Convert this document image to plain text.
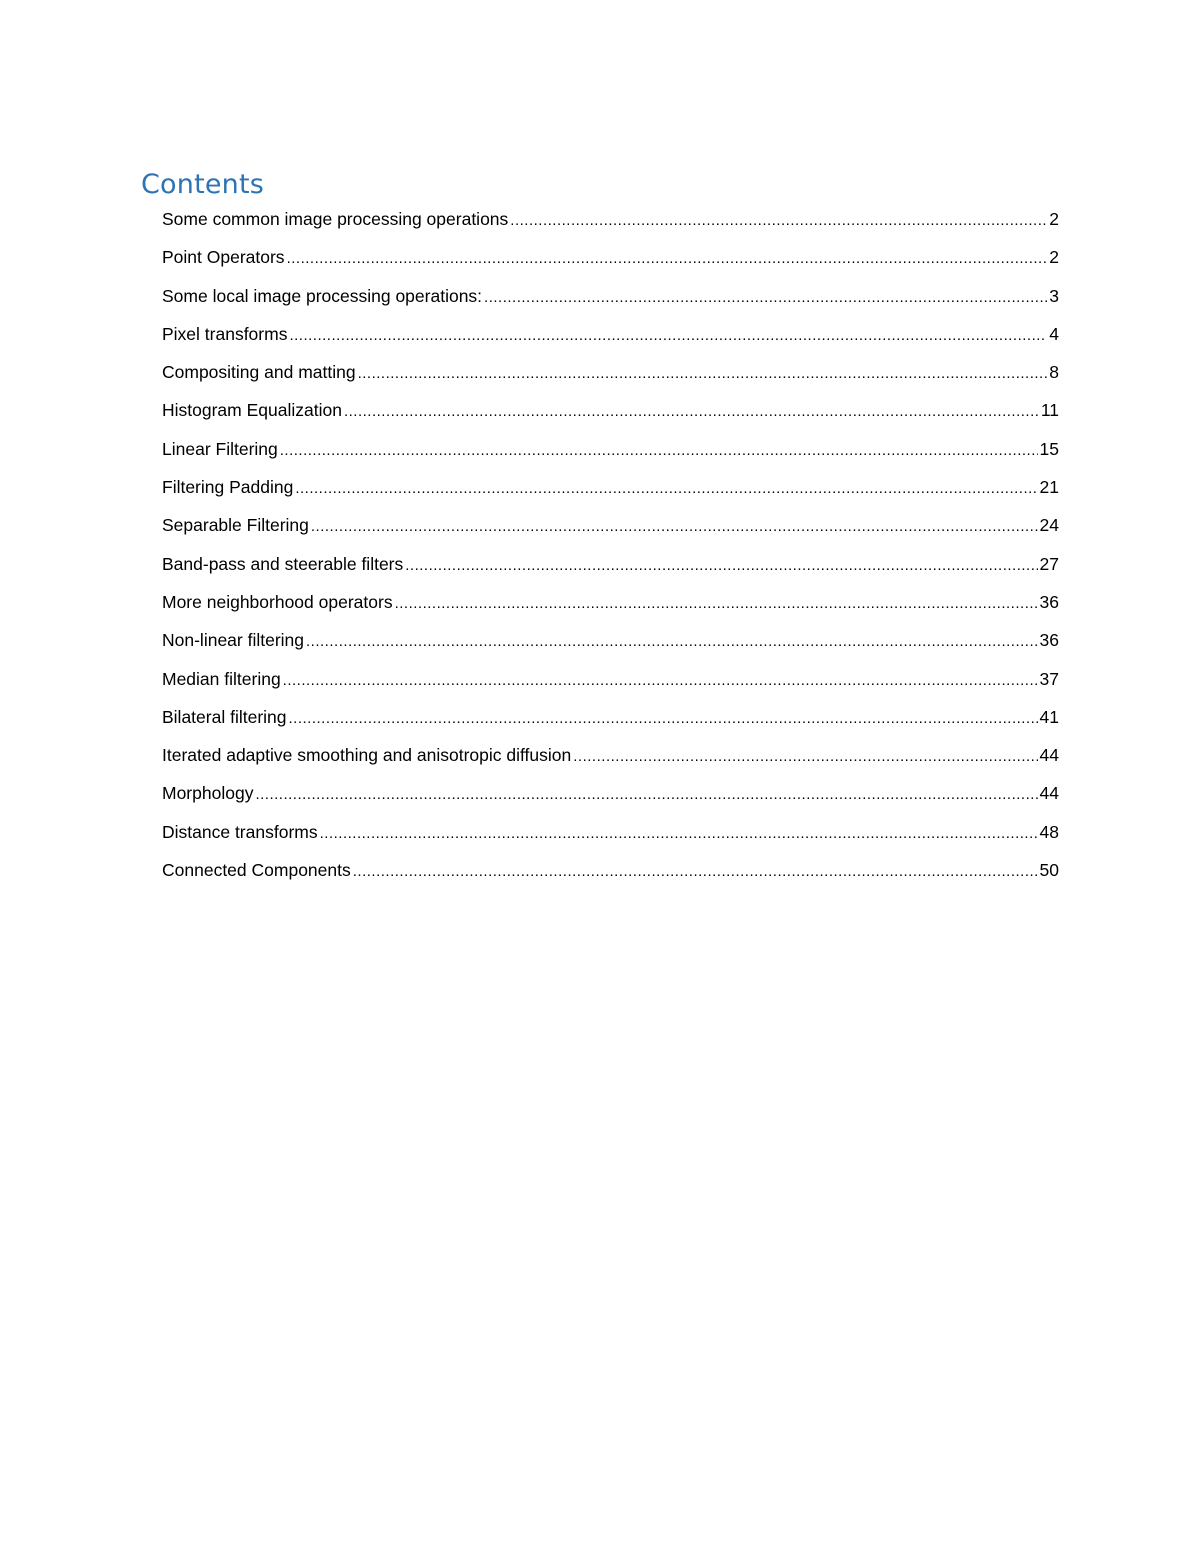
Contents
Some common image processing operations .....	2
Point Operators .....	2
Some local image processing operations: .....	3
Pixel transforms .....	4
Compositing and matting .....	8
Histogram Equalization .....	11
Linear Filtering .....	15
Filtering Padding .....	21
Separable Filtering .....	24
Band-pass and steerable filters .....	27
More neighborhood operators .....	36
Non-linear filtering .....	36
Median filtering .....	37
Bilateral filtering .....	41
Iterated adaptive smoothing and anisotropic diffusion .....	44
Morphology .....	44
Distance transforms .....	48
Connected Components .....	50
